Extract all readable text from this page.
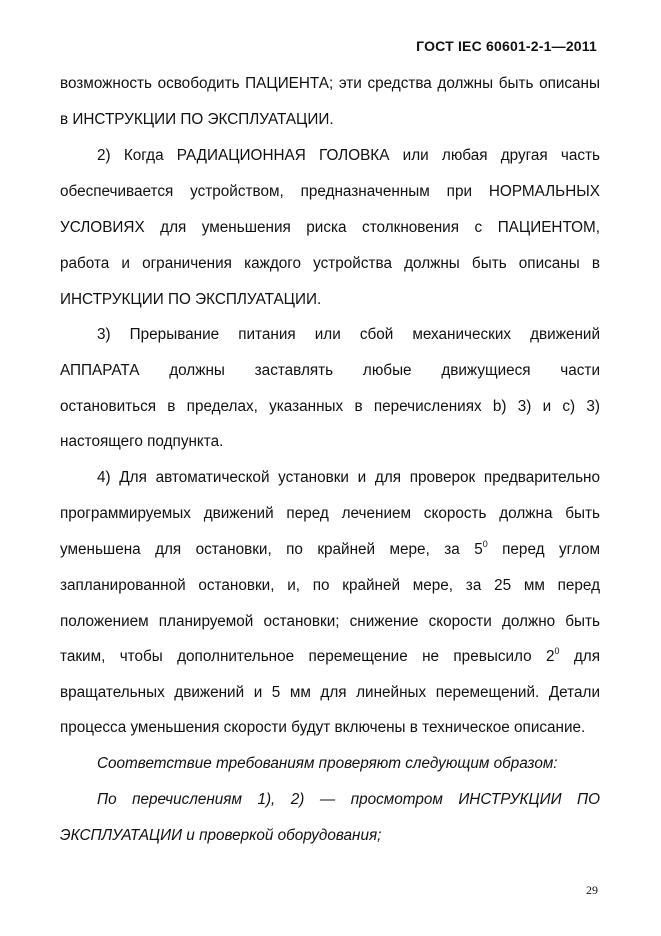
ГОСТ IEC 60601-2-1—2011
возможность освободить ПАЦИЕНТА; эти средства должны быть описаны
в ИНСТРУКЦИИ ПО ЭКСПЛУАТАЦИИ.
2) Когда РАДИАЦИОННАЯ ГОЛОВКА или любая другая часть
обеспечивается устройством, предназначенным при НОРМАЛЬНЫХ
УСЛОВИЯХ для уменьшения риска столкновения с ПАЦИЕНТОМ,
работа и ограничения каждого устройства должны быть описаны в
ИНСТРУКЦИИ ПО ЭКСПЛУАТАЦИИ.
3) Прерывание питания или сбой механических движений
АППАРАТА должны заставлять любые движущиеся части
остановиться в пределах, указанных в перечислениях b) 3) и c) 3)
настоящего подпункта.
4) Для автоматической установки и для проверок предварительно
программируемых движений перед лечением скорость должна быть
уменьшена для остановки, по крайней мере, за $5^0$ перед углом
запланированной остановки, и, по крайней мере, за 25 мм перед
положением планируемой остановки; снижение скорости должно быть
таким, чтобы дополнительное перемещение не превысило $2^0$ для
вращательных движений и 5 мм для линейных перемещений. Детали
процесса уменьшения скорости будут включены в техническое описание.
Соответствие требованиям проверяют следующим образом:
По перечислениям 1), 2) — просмотром ИНСТРУКЦИИ ПО
ЭКСПЛУАТАЦИИ и проверкой оборудования;
29
